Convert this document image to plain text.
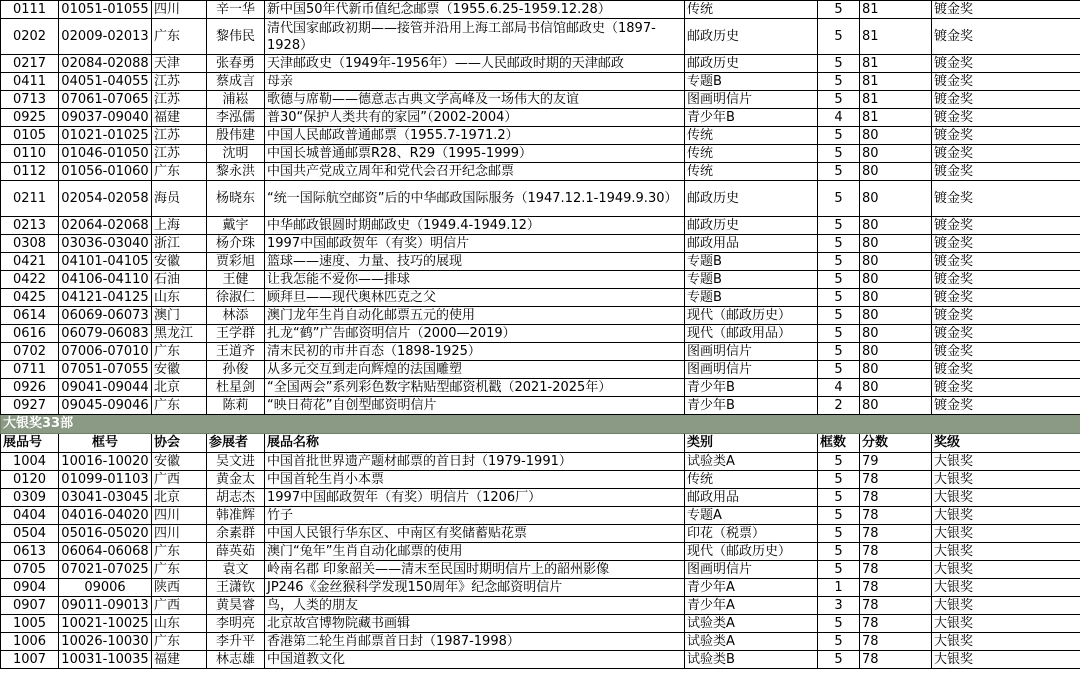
0111	01051-01055	四川	辛一华	新中国50年代新币值纪念邮票（1955.6.25-1959.12.28）	传统	5	81	镀金奖
0202	02009-02013	广东	黎伟民	清代国家邮政初期——接管并沿用上海工部局书信馆邮政史（1897-1928）	邮政历史	5	81	镀金奖
0217	02084-02088	天津	张春勇	天津邮政史（1949年-1956年）——人民邮政时期的天津邮政	邮政历史	5	81	镀金奖
0411	04051-04055	江苏	蔡成言	母亲	专题B	5	81	镀金奖
0713	07061-07065	江苏	浦崧	歌德与席勒——德意志古典文学高峰及一场伟大的友谊	图画明信片	5	81	镀金奖
0925	09037-09040	福建	李泓儒	普30“保护人类共有的家园”（2002-2004）	青少年B	4	81	镀金奖
0105	01021-01025	江苏	殷伟建	中国人民邮政普通邮票（1955.7-1971.2）	传统	5	80	镀金奖
0110	01046-01050	江苏	沈明	中国长城普通邮票R28、R29（1995-1999）	传统	5	80	镀金奖
0112	01056-01060	广东	黎永洪	中国共产党成立周年和党代会召开纪念邮票	传统	5	80	镀金奖
0211	02054-02058	海员	杨晓东	“统一国际航空邮资”后的中华邮政国际服务（1947.12.1-1949.9.30）	邮政历史	5	80	镀金奖
0213	02064-02068	上海	戴宇	中华邮政银圆时期邮政史（1949.4-1949.12）	邮政历史	5	80	镀金奖
0308	03036-03040	浙江	杨介珠	1997中国邮政贺年（有奖）明信片	邮政用品	5	80	镀金奖
0421	04101-04105	安徽	贾彩旭	篮球——速度、力量、技巧的展现	专题B	5	80	镀金奖
0422	04106-04110	石油	王健	让我怎能不爱你——排球	专题B	5	80	镀金奖
0425	04121-04125	山东	徐淑仁	顾拜旦——现代奥林匹克之父	专题B	5	80	镀金奖
0614	06069-06073	澳门	林添	澳门龙年生肖自动化邮票五元的使用	现代（邮政历史）	5	80	镀金奖
0616	06079-06083	黑龙江	王学群	扎龙“鹤”广告邮资明信片（2000—2019）	现代（邮政用品）	5	80	镀金奖
0702	07006-07010	广东	王道齐	清末民初的市井百态（1898-1925）	图画明信片	5	80	镀金奖
0711	07051-07055	安徽	孙俊	从多元交互到走向辉煌的法国雕塑	图画明信片	5	80	镀金奖
0926	09041-09044	北京	杜星剑	“全国两会”系列彩色数字粘贴型邮资机戳（2021-2025年）	青少年B	4	80	镀金奖
0927	09045-09046	广东	陈莉	“映日荷花”自创型邮资明信片	青少年B	2	80	镀金奖
大银奖33部								
展品号	框号	协会	参展者	展品名称	类别	框数	分数	奖级
1004	10016-10020	安徽	吴文进	中国首批世界遗产题材邮票的首日封（1979-1991）	试验类A	5	79	大银奖
0120	01099-01103	广西	黄金太	中国首轮生肖小本票	传统	5	78	大银奖
0309	03041-03045	北京	胡志杰	1997中国邮政贺年（有奖）明信片（1206厂）	邮政用品	5	78	大银奖
0404	04016-04020	四川	韩准辉	竹子	专题A	5	78	大银奖
0504	05016-05020	四川	余素群	中国人民银行华东区、中南区有奖储蓄贴花票	印花（税票）	5	78	大银奖
0613	06064-06068	广东	薛英茹	澳门“兔年”生肖自动化邮票的使用	现代（邮政历史）	5	78	大银奖
0705	07021-07025	广东	袁文	岭南名郡 印象韶关——清末至民国时期明信片上的韶州影像	图画明信片	5	78	大银奖
0904	09006	陕西	王潇钦	JP246《金丝猴科学发现150周年》纪念邮资明信片	青少年A	1	78	大银奖
0907	09011-09013	广西	黄昊睿	鸟，人类的朋友	青少年A	3	78	大银奖
1005	10021-10025	山东	李明亮	北京故宫博物院藏书画辑	试验类A	5	78	大银奖
1006	10026-10030	广东	李升平	香港第二轮生肖邮票首日封（1987-1998）	试验类A	5	78	大银奖
1007	10031-10035	福建	林志雄	中国道教文化	试验类B	5	78	大银奖
